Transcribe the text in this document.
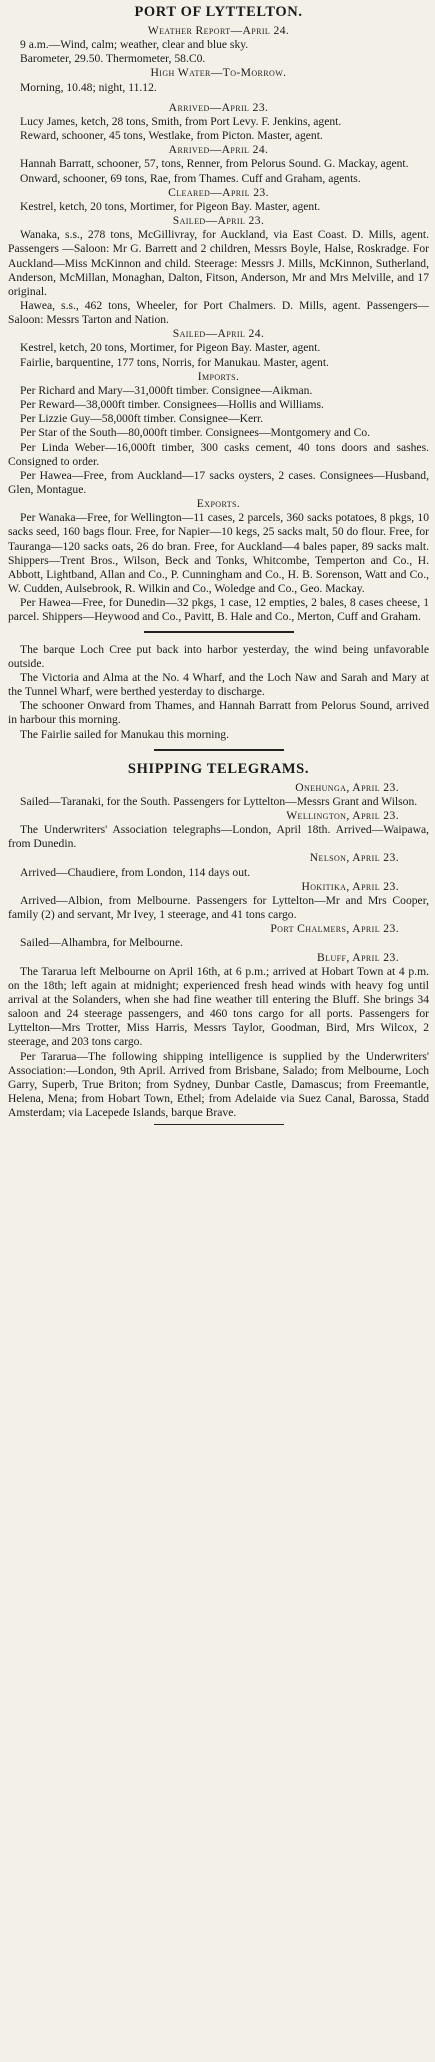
PORT OF LYTTELTON.
Weather Report—April 24.

9 a.m.—Wind, calm; weather, clear and blue sky.

Barometer, 29.50. Thermometer, 58.C0.

High Water—To-Morrow.

Morning, 10.48; night, 11.12.

Arrived—April 23.

Lucy James, ketch, 28 tons, Smith, from Port Levy. F. Jenkins, agent.

Reward, schooner, 45 tons, Westlake, from Picton. Master, agent.

Arrived—April 24.

Hannah Barratt, schooner, 57, tons, Renner, from Pelorus Sound. G. Mackay, agent.

Onward, schooner, 69 tons, Rae, from Thames. Cuff and Graham, agents.

Cleared—April 23.

Kestrel, ketch, 20 tons, Mortimer, for Pigeon Bay. Master, agent.

Sailed—April 23.

Wanaka, s.s., 278 tons, McGillivray, for Auckland, via East Coast. D. Mills, agent. Passengers —Saloon: Mr G. Barrett and 2 children, Messrs Boyle, Halse, Roskradge. For Auckland—Miss McKinnon and child. Steerage: Messrs J. Mills, McKinnon, Sutherland, Anderson, McMillan, Monaghan, Dalton, Fitson, Anderson, Mr and Mrs Melville, and 17 original.

Hawea, s.s., 462 tons, Wheeler, for Port Chalmers. D. Mills, agent. Passengers—Saloon: Messrs Tarton and Nation.

Sailed—April 24.

Kestrel, ketch, 20 tons, Mortimer, for Pigeon Bay. Master, agent.

Fairlie, barquentine, 177 tons, Norris, for Manukau. Master, agent.

Imports.

Per Richard and Mary—31,000ft timber. Consignee—Aikman.

Per Reward—38,000ft timber. Consignees—Hollis and Williams.

Per Lizzie Guy—58,000ft timber. Consignee—Kerr.

Per Star of the South—80,000ft timber. Consignees—Montgomery and Co.

Per Linda Weber—16,000ft timber, 300 casks cement, 40 tons doors and sashes. Consigned to order.

Per Hawea—Free, from Auckland—17 sacks oysters, 2 cases. Consignees—Husband, Glen, Montague.

Exports.

Per Wanaka—Free, for Wellington—11 cases, 2 parcels, 360 sacks potatoes, 8 pkgs, 10 sacks seed, 160 bags flour. Free, for Napier—10 kegs, 25 sacks malt, 50 do flour. Free, for Tauranga—120 sacks oats, 26 do bran. Free, for Auckland—4 bales paper, 89 sacks malt. Shippers—Trent Bros., Wilson, Beck and Tonks, Whitcombe, Temperton and Co., H. Abbott, Lightband, Allan and Co., P. Cunningham and Co., H. B. Sorenson, Watt and Co., W. Cudden, Aulsebrook, R. Wilkin and Co., Woledge and Co., Geo. Mackay.

Per Hawea—Free, for Dunedin—32 pkgs, 1 case, 12 empties, 2 bales, 8 cases cheese, 1 parcel. Shippers—Heywood and Co., Pavitt, B. Hale and Co., Merton, Cuff and Graham.

The barque Loch Cree put back into harbor yesterday, the wind being unfavorable outside.

The Victoria and Alma at the No. 4 Wharf, and the Loch Naw and Sarah and Mary at the Tunnel Wharf, were berthed yesterday to discharge.

The schooner Onward from Thames, and Hannah Barratt from Pelorus Sound, arrived in harbour this morning.

The Fairlie sailed for Manukau this morning.

SHIPPING TELEGRAMS.
Onehunga, April 23.

Sailed—Taranaki, for the South. Passengers for Lyttelton—Messrs Grant and Wilson.

Wellington, April 23.

The Underwriters' Association telegraphs—London, April 18th. Arrived—Waipawa, from Dunedin.

Nelson, April 23.

Arrived—Chaudiere, from London, 114 days out.

Hokitika, April 23.

Arrived—Albion, from Melbourne. Passengers for Lyttelton—Mr and Mrs Cooper, family (2) and servant, Mr Ivey, 1 steerage, and 41 tons cargo.

Port Chalmers, April 23.

Sailed—Alhambra, for Melbourne.

Bluff, April 23.

The Tararua left Melbourne on April 16th, at 6 p.m.; arrived at Hobart Town at 4 p.m. on the 18th; left again at midnight; experienced fresh head winds with heavy fog until arrival at the Solanders, when she had fine weather till entering the Bluff. She brings 34 saloon and 24 steerage passengers, and 460 tons cargo for all ports. Passengers for Lyttelton—Mrs Trotter, Miss Harris, Messrs Taylor, Goodman, Bird, Mrs Wilcox, 2 steerage, and 203 tons cargo.

Per Tararua—The following shipping intelligence is supplied by the Underwriters' Association:—London, 9th April. Arrived from Brisbane, Salado; from Melbourne, Loch Garry, Superb, True Briton; from Sydney, Dunbar Castle, Damascus; from Freemantle, Helena, Mena; from Hobart Town, Ethel; from Adelaide via Suez Canal, Barossa, Stadd Amsterdam; via Lacepede Islands, barque Brave.
